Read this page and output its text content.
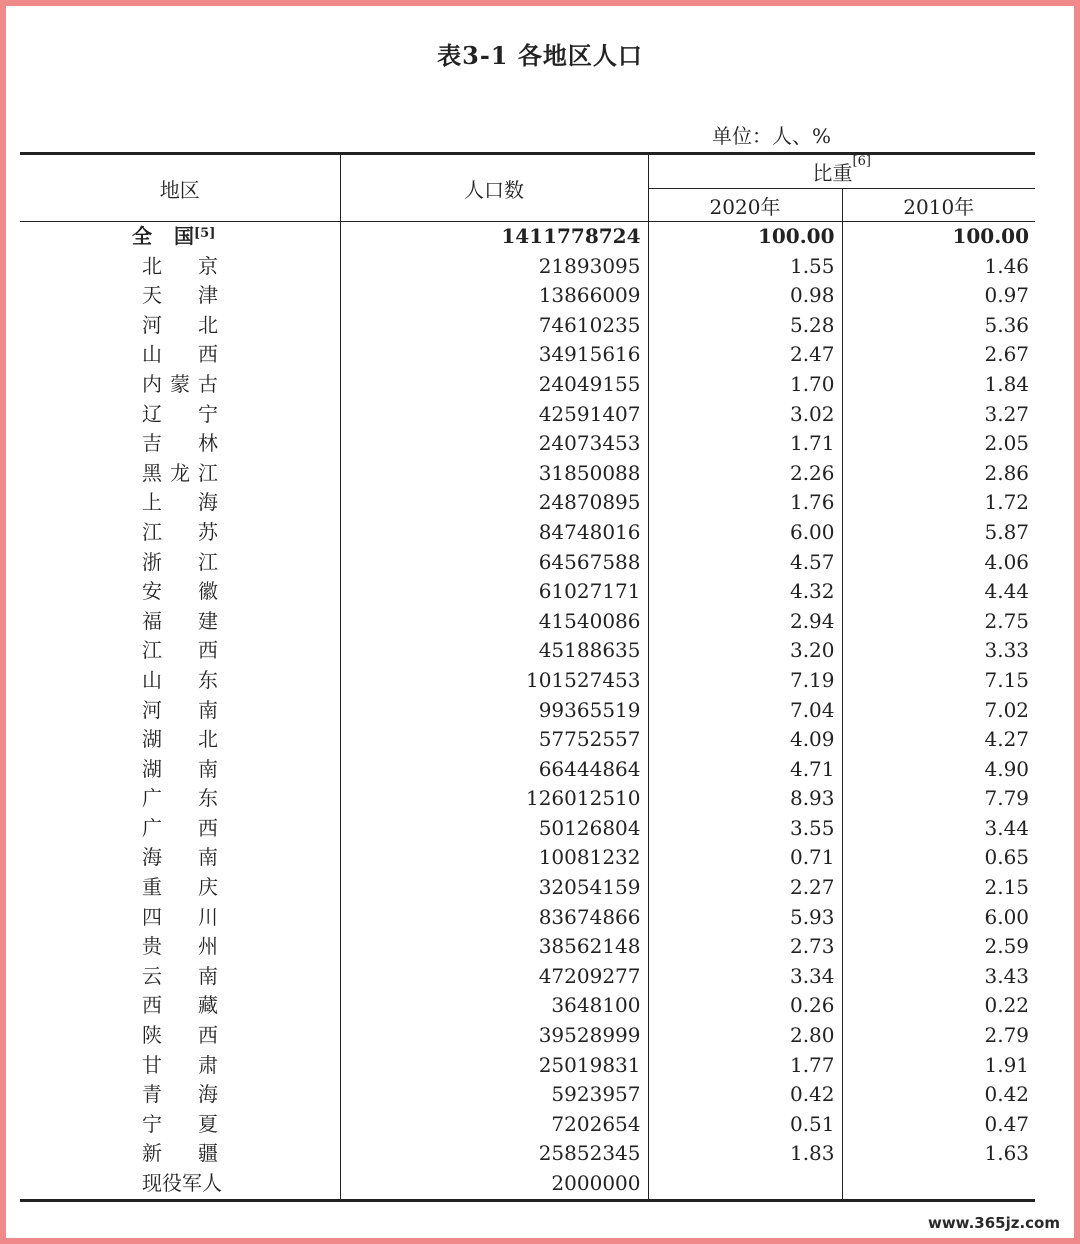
表3-1 各地区人口
单位：人、%
地区	人口数	比重[6]
		2020年	2010年
全　国[5]	1411778724	100.00	100.00
北京	21893095	1.55	1.46
天津	13866009	0.98	0.97
河北	74610235	5.28	5.36
山西	34915616	2.47	2.67
内蒙古	24049155	1.70	1.84
辽宁	42591407	3.02	3.27
吉林	24073453	1.71	2.05
黑龙江	31850088	2.26	2.86
上海	24870895	1.76	1.72
江苏	84748016	6.00	5.87
浙江	64567588	4.57	4.06
安徽	61027171	4.32	4.44
福建	41540086	2.94	2.75
江西	45188635	3.20	3.33
山东	101527453	7.19	7.15
河南	99365519	7.04	7.02
湖北	57752557	4.09	4.27
湖南	66444864	4.71	4.90
广东	126012510	8.93	7.79
广西	50126804	3.55	3.44
海南	10081232	0.71	0.65
重庆	32054159	2.27	2.15
四川	83674866	5.93	6.00
贵州	38562148	2.73	2.59
云南	47209277	3.34	3.43
西藏	3648100	0.26	0.22
陕西	39528999	2.80	2.79
甘肃	25019831	1.77	1.91
青海	5923957	0.42	0.42
宁夏	7202654	0.51	0.47
新疆	25852345	1.83	1.63
现役军人	2000000		
www.365jz.com
